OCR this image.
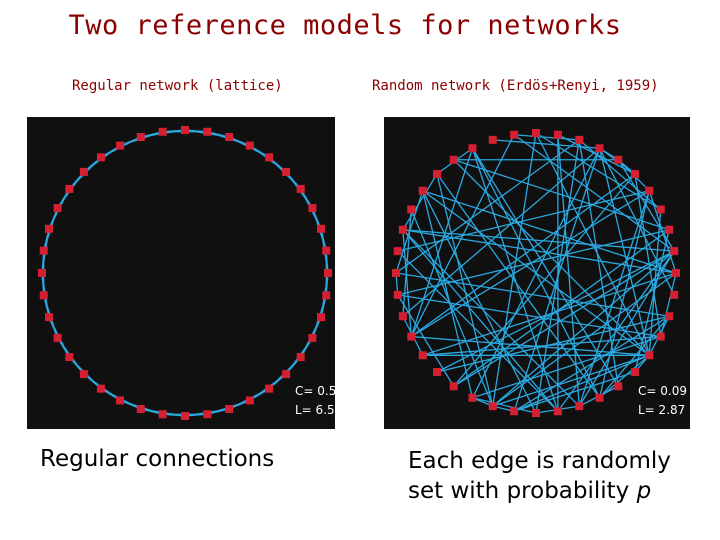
Two reference models for networks
Regular network (lattice)	Random network (Erdös+Renyi, 1959)
C= 0.50
L= 6.53
C= 0.09
L= 2.87
Regular connections	Each edge is randomly
set with probability p
